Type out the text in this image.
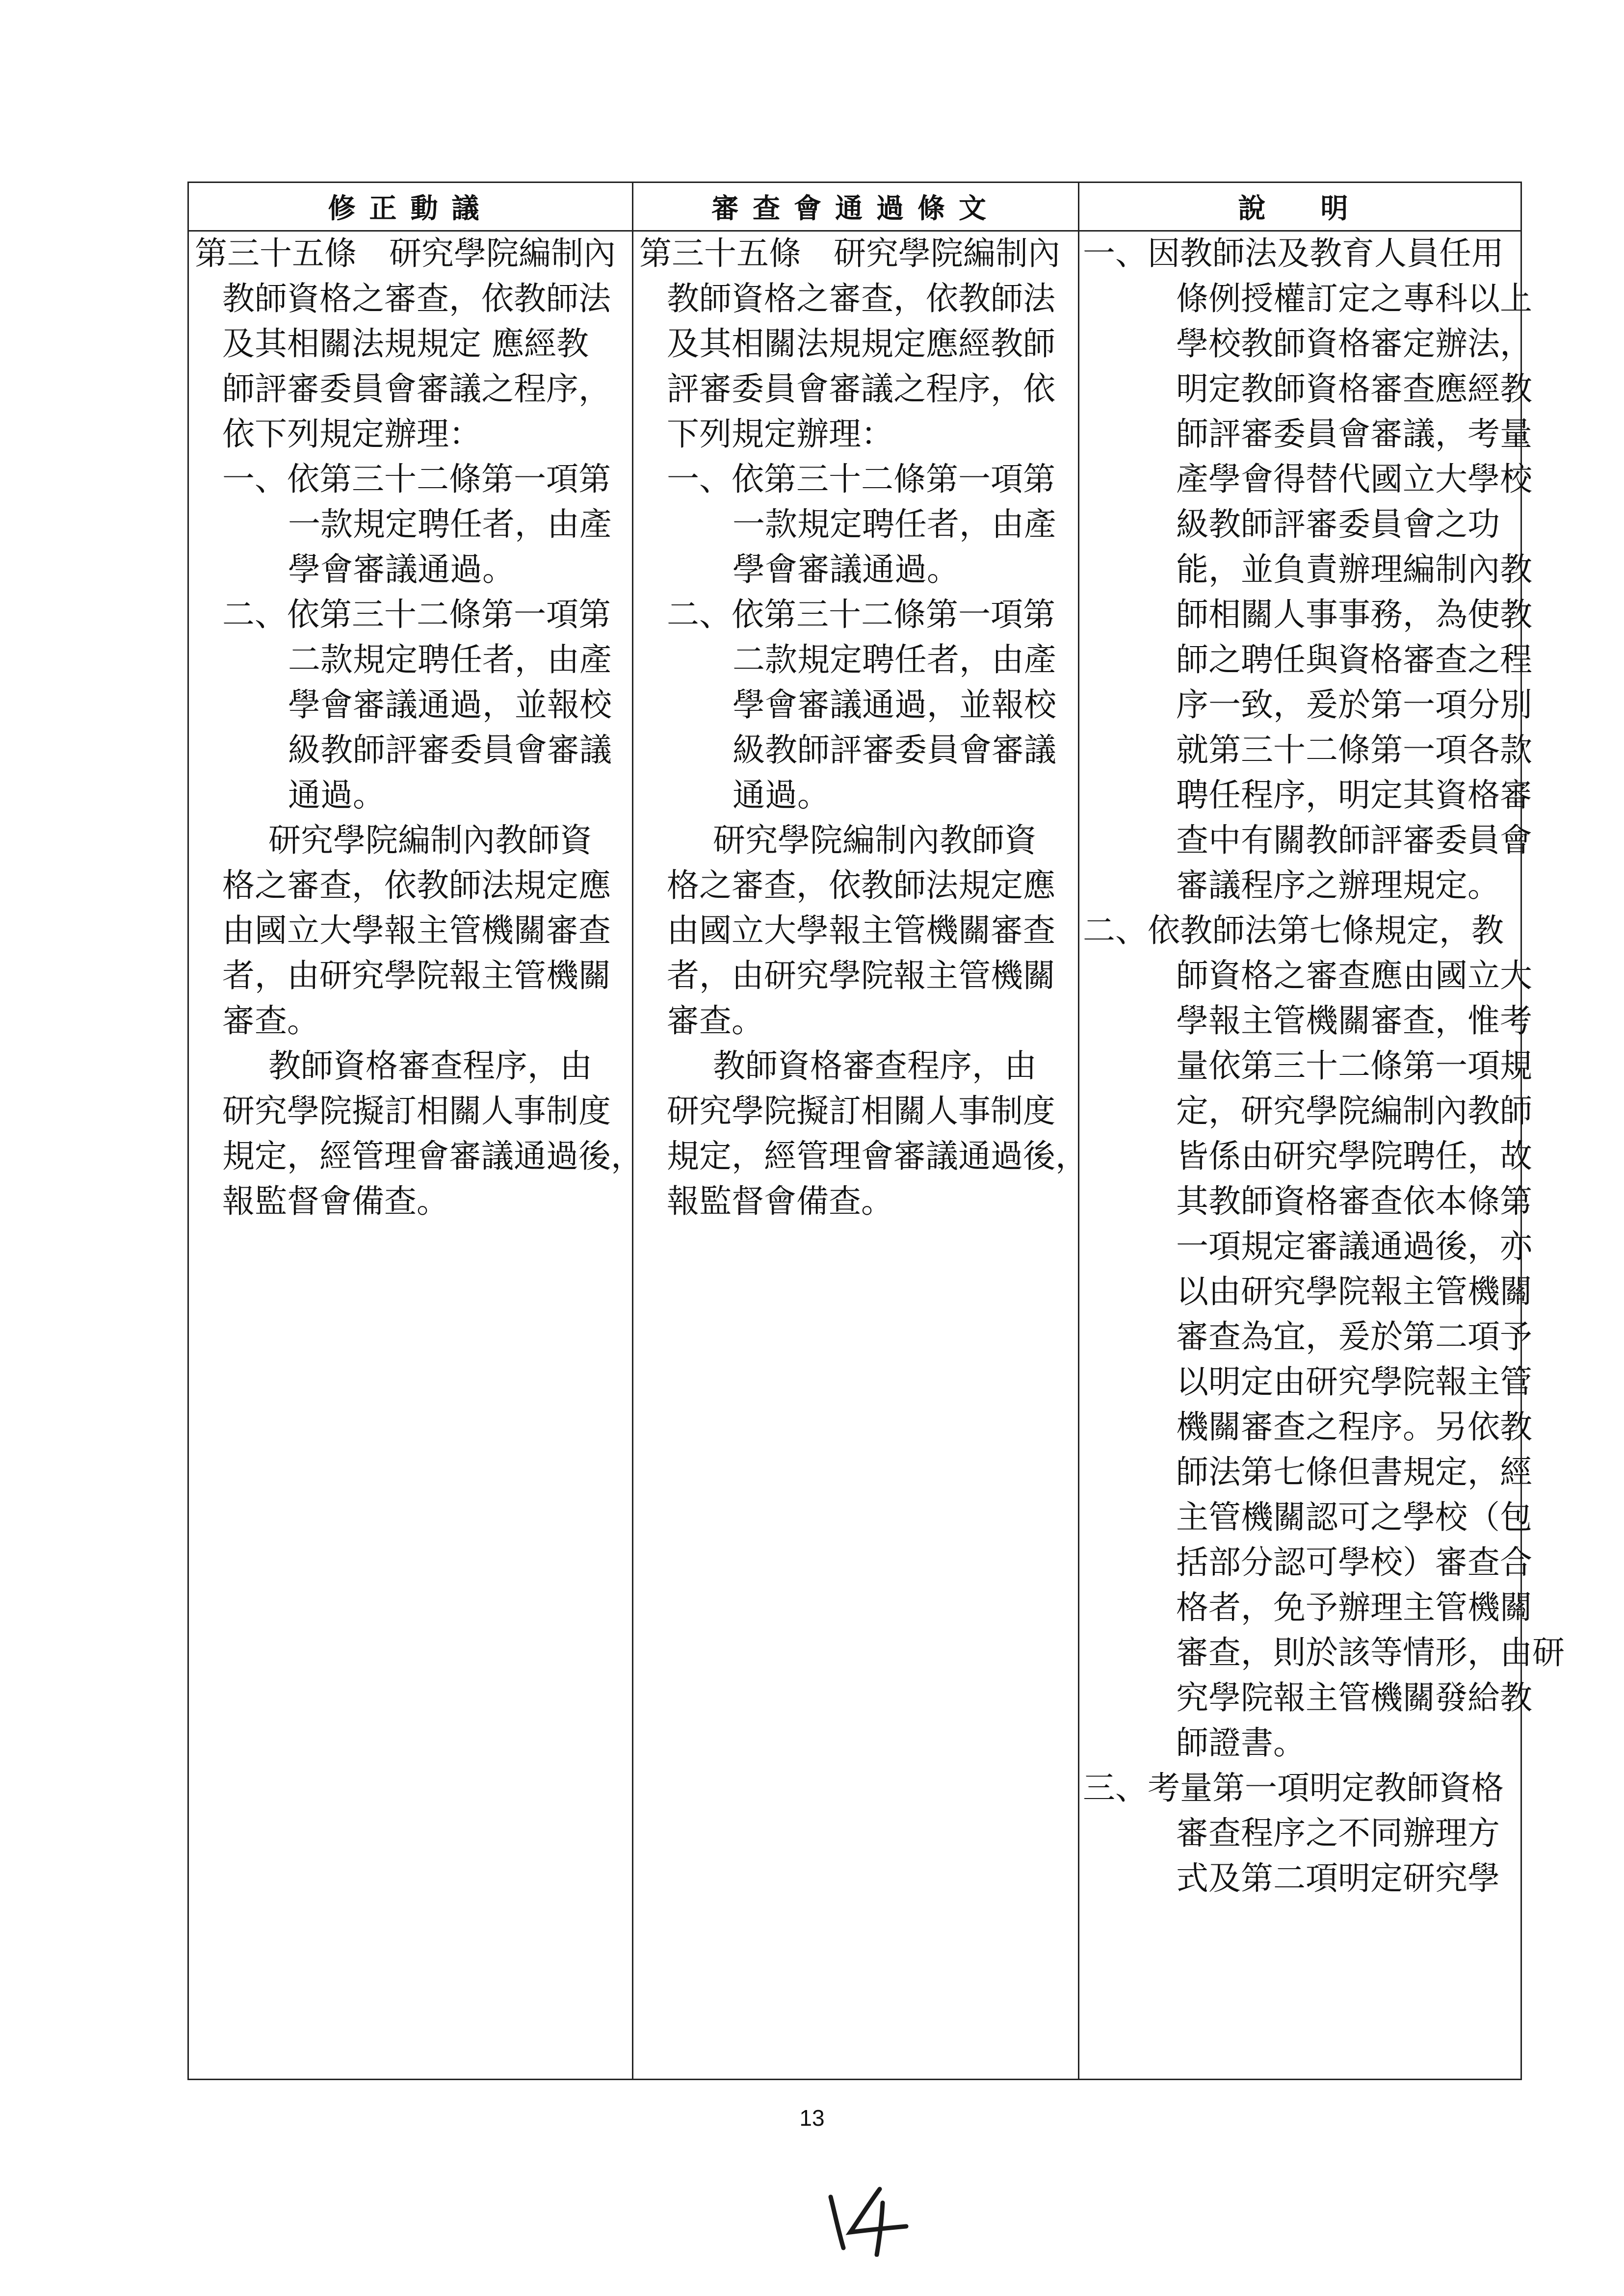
修正動議	審查會通過條文	說　明
第三十五條　研究學院編制內
教師資格之審查，依教師法
及其相關法規規定 應經教
師評審委員會審議之程序，
依下列規定辦理：
一、依第三十二條第一項第
一款規定聘任者，由產
學會審議通過。
二、依第三十二條第一項第
二款規定聘任者，由產
學會審議通過，並報校
級教師評審委員會審議
通過。
研究學院編制內教師資
格之審查，依教師法規定應
由國立大學報主管機關審查
者，由研究學院報主管機關
審查。
教師資格審查程序，由
研究學院擬訂相關人事制度
規定，經管理會審議通過後，
報監督會備查。
第三十五條　研究學院編制內
教師資格之審查，依教師法
及其相關法規規定應經教師
評審委員會審議之程序，依
下列規定辦理：
一、依第三十二條第一項第
一款規定聘任者，由產
學會審議通過。
二、依第三十二條第一項第
二款規定聘任者，由產
學會審議通過，並報校
級教師評審委員會審議
通過。
研究學院編制內教師資
格之審查，依教師法規定應
由國立大學報主管機關審查
者，由研究學院報主管機關
審查。
教師資格審查程序，由
研究學院擬訂相關人事制度
規定，經管理會審議通過後，
報監督會備查。
一、因教師法及教育人員任用
條例授權訂定之專科以上
學校教師資格審定辦法，
明定教師資格審查應經教
師評審委員會審議，考量
產學會得替代國立大學校
級教師評審委員會之功
能，並負責辦理編制內教
師相關人事事務，為使教
師之聘任與資格審查之程
序一致，爰於第一項分別
就第三十二條第一項各款
聘任程序，明定其資格審
查中有關教師評審委員會
審議程序之辦理規定。
二、依教師法第七條規定，教
師資格之審查應由國立大
學報主管機關審查，惟考
量依第三十二條第一項規
定，研究學院編制內教師
皆係由研究學院聘任，故
其教師資格審查依本條第
一項規定審議通過後，亦
以由研究學院報主管機關
審查為宜，爰於第二項予
以明定由研究學院報主管
機關審查之程序。另依教
師法第七條但書規定，經
主管機關認可之學校（包
括部分認可學校）審查合
格者，免予辦理主管機關
審查，則於該等情形，由研
究學院報主管機關發給教
師證書。
三、考量第一項明定教師資格
審查程序之不同辦理方
式及第二項明定研究學
13
